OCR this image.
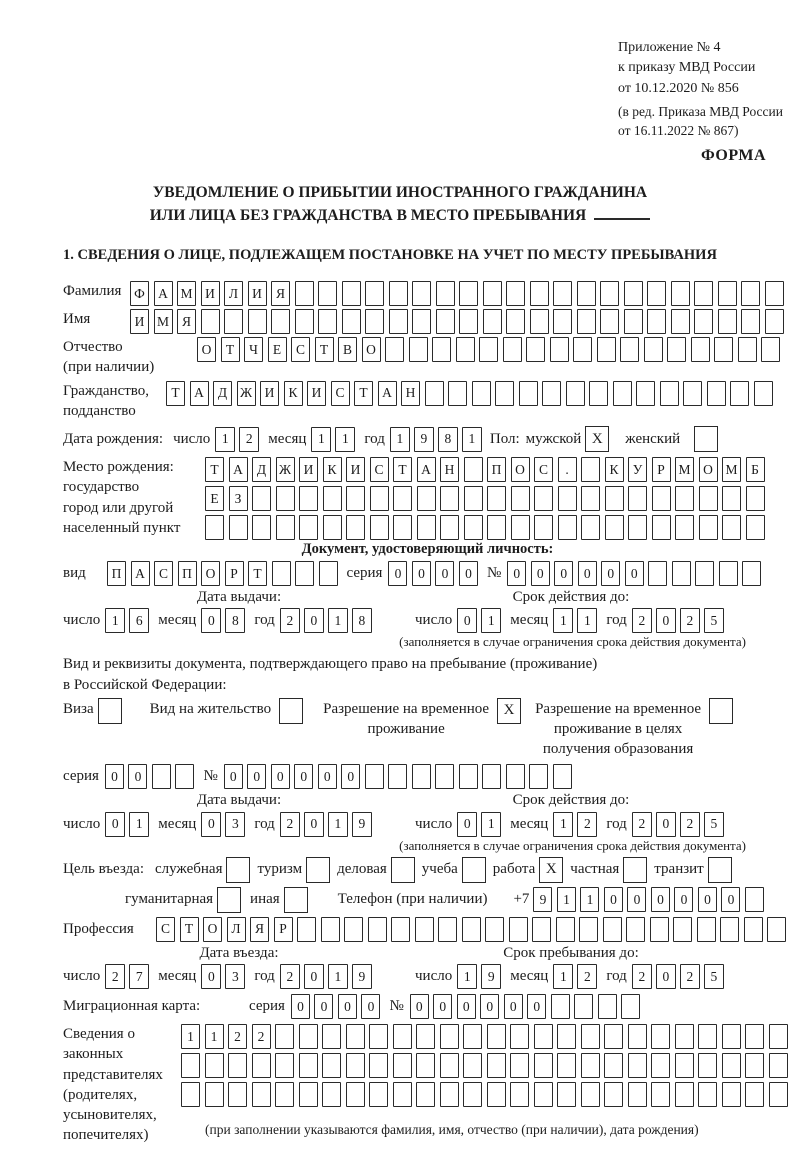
Приложение № 4
к приказу МВД России
от 10.12.2020 № 856
(в ред. Приказа МВД России
от 16.11.2022 № 867)
ФОРМА
УВЕДОМЛЕНИЕ О ПРИБЫТИИ ИНОСТРАННОГО ГРАЖДАНИНА
ИЛИ ЛИЦА БЕЗ ГРАЖДАНСТВА В МЕСТО ПРЕБЫВАНИЯ
1. СВЕДЕНИЯ О ЛИЦЕ, ПОДЛЕЖАЩЕМ ПОСТАНОВКЕ НА УЧЕТ ПО МЕСТУ ПРЕБЫВАНИЯ
Фамилия Ф А М И	Л	И	Я
Имя	И М Я
Отчество
(при наличии)
О	Т	Ч	Е	С	Т	В	О
Гражданство,
подданство
Т	А	Д Ж И	К	И	С	Т	А	Н
Дата рождения: число 1	2	месяц 1	1	год 1	9	8	1 Пол: мужской X	женский
Место рождения:
государство
город или другой
населенный пункт
Т	А	Д Ж И	К	И	С	Т	А	Н	П	О	С	.	К	У	Р	М О М	Б
Е	З
Документ, удостоверяющий личность:
вид	П	А	С	П	О	Р	Т	серия 0	0	0	0	№ 0	0	0	0	0	0
Дата выдачи:	Срок действия до:
число 1	6	месяц 0	8	год 2	0	1	8	число 0	1	месяц 1	1	год 2	0	2	5
(заполняется в случае ограничения срока действия документа)
Вид и реквизиты документа, подтверждающего право на пребывание (проживание)
в Российской Федерации:
Виза	Вид на жительство	Разрешение на временное
проживание
X	Разрешение на временное
проживание в целях
получения образования
серия 0	0	№ 0	0	0	0	0	0
Дата выдачи:	Срок действия до:
число 0	1	месяц 0	3	год 2	0	1	9	число 0	1	месяц 1	2	год 2	0	2	5
(заполняется в случае ограничения срока действия документа)
Цель въезда: служебная туризм деловая учеба работа X частная транзит
гуманитарная иная	Телефон (при наличии) +7 9	1	1	0	0	0	0	0	0
Профессия	С	Т	О	Л	Я	Р
Дата въезда:	Срок пребывания до:
число 2	7	месяц 0	3	год 2	0	1	9	число 1	9	месяц 1	2	год 2	0	2	5
Миграционная карта:	серия 0	0	0	0	№ 0	0	0	0	0	0
Сведения о
законных
представителях
(родителях,
усыновителях,
попечителях)
1	1	2	2
(при заполнении указываются фамилия, имя, отчество (при наличии), дата рождения)
